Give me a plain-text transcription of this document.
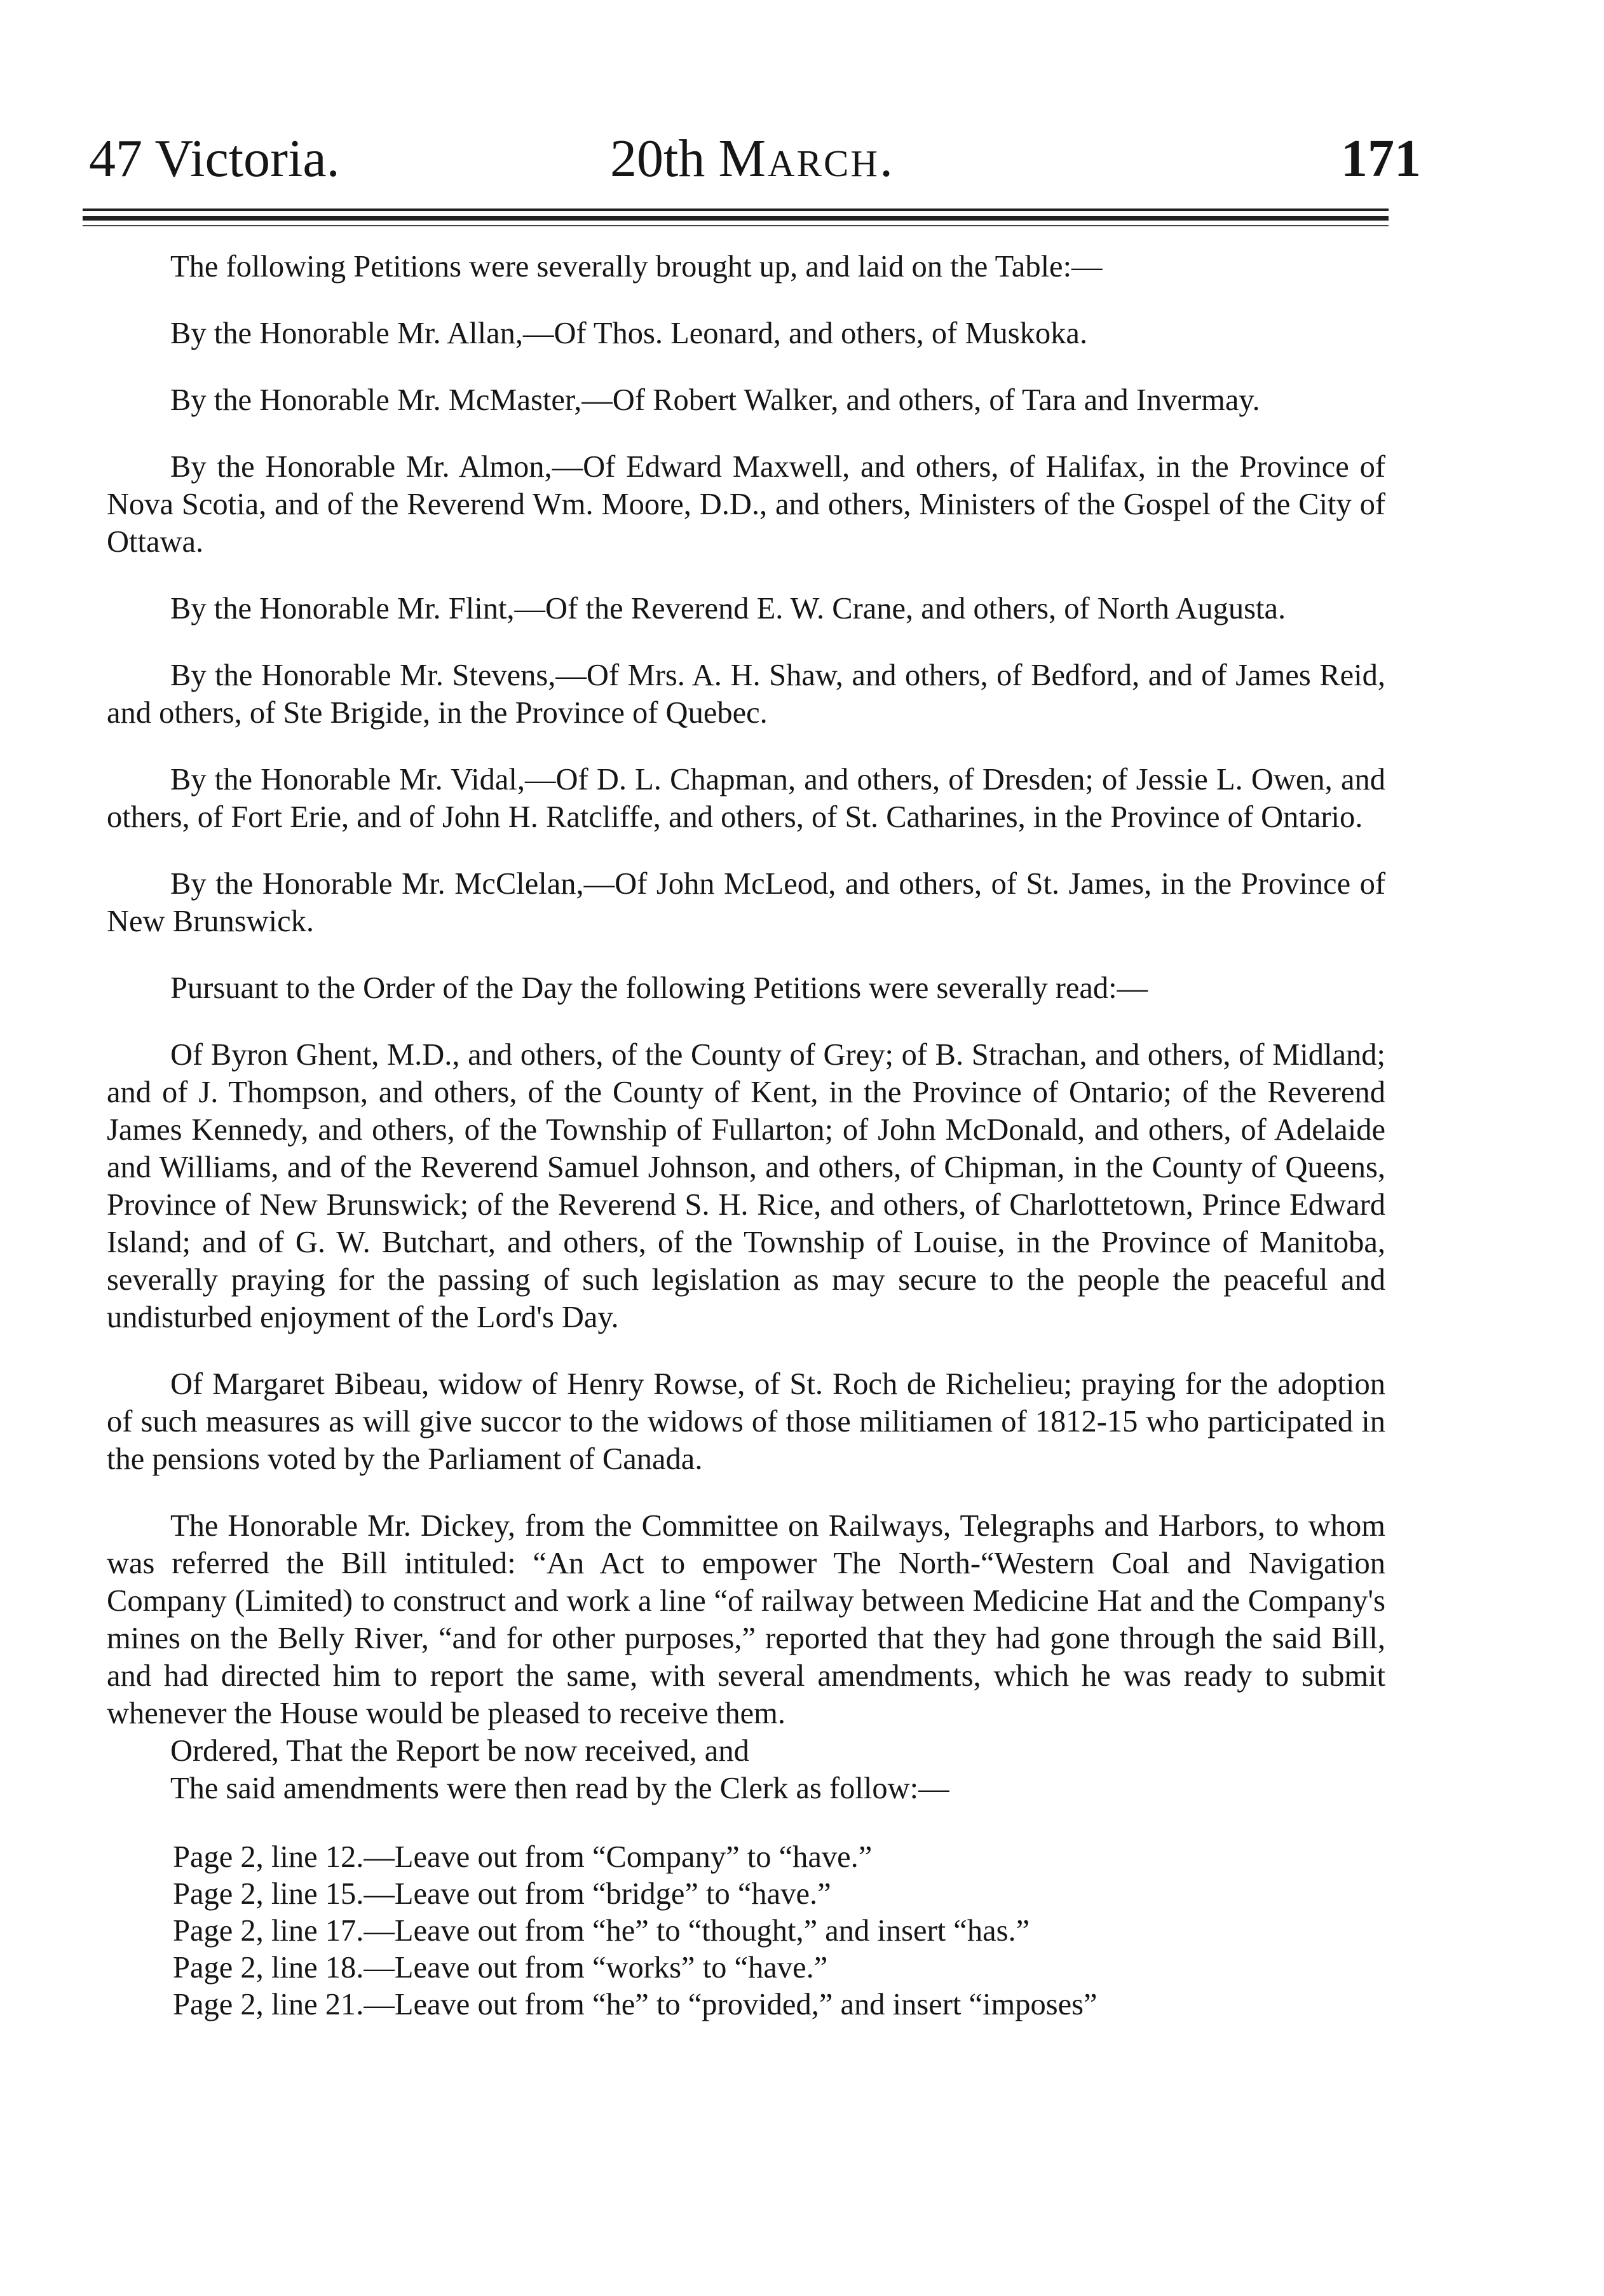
47 Victoria.	20th March.	171

The following Petitions were severally brought up, and laid on the Table:—

By the Honorable Mr. Allan,—Of Thos. Leonard, and others, of Muskoka.

By the Honorable Mr. McMaster,—Of Robert Walker, and others, of Tara and Invermay.

By the Honorable Mr. Almon,—Of Edward Maxwell, and others, of Halifax, in the Province of Nova Scotia, and of the Reverend Wm. Moore, D.D., and others, Ministers of the Gospel of the City of Ottawa.

By the Honorable Mr. Flint,—Of the Reverend E. W. Crane, and others, of North Augusta.

By the Honorable Mr. Stevens,—Of Mrs. A. H. Shaw, and others, of Bedford, and of James Reid, and others, of Ste Brigide, in the Province of Quebec.

By the Honorable Mr. Vidal,—Of D. L. Chapman, and others, of Dresden; of Jessie L. Owen, and others, of Fort Erie, and of John H. Ratcliffe, and others, of St. Catharines, in the Province of Ontario.

By the Honorable Mr. McClelan,—Of John McLeod, and others, of St. James, in the Province of New Brunswick.

Pursuant to the Order of the Day the following Petitions were severally read:—

Of Byron Ghent, M.D., and others, of the County of Grey; of B. Strachan, and others, of Midland; and of J. Thompson, and others, of the County of Kent, in the Province of Ontario; of the Reverend James Kennedy, and others, of the Township of Fullarton; of John McDonald, and others, of Adelaide and Williams, and of the Reverend Samuel Johnson, and others, of Chipman, in the County of Queens, Province of New Brunswick; of the Reverend S. H. Rice, and others, of Charlottetown, Prince Edward Island; and of G. W. Butchart, and others, of the Township of Louise, in the Province of Manitoba, severally praying for the passing of such legislation as may secure to the people the peaceful and undisturbed enjoyment of the Lord's Day.

Of Margaret Bibeau, widow of Henry Rowse, of St. Roch de Richelieu; praying for the adoption of such measures as will give succor to the widows of those militiamen of 1812-15 who participated in the pensions voted by the Parliament of Canada.

The Honorable Mr. Dickey, from the Committee on Railways, Telegraphs and Harbors, to whom was referred the Bill intituled: “An Act to empower The North-“Western Coal and Navigation Company (Limited) to construct and work a line “of railway between Medicine Hat and the Company's mines on the Belly River, “and for other purposes,” reported that they had gone through the said Bill, and had directed him to report the same, with several amendments, which he was ready to submit whenever the House would be pleased to receive them.

Ordered, That the Report be now received, and

The said amendments were then read by the Clerk as follow:—

Page 2, line 12.—Leave out from “Company” to “have.”
Page 2, line 15.—Leave out from “bridge” to “have.”
Page 2, line 17.—Leave out from “he” to “thought,” and insert “has.”
Page 2, line 18.—Leave out from “works” to “have.”
Page 2, line 21.—Leave out from “he” to “provided,” and insert “imposes”
